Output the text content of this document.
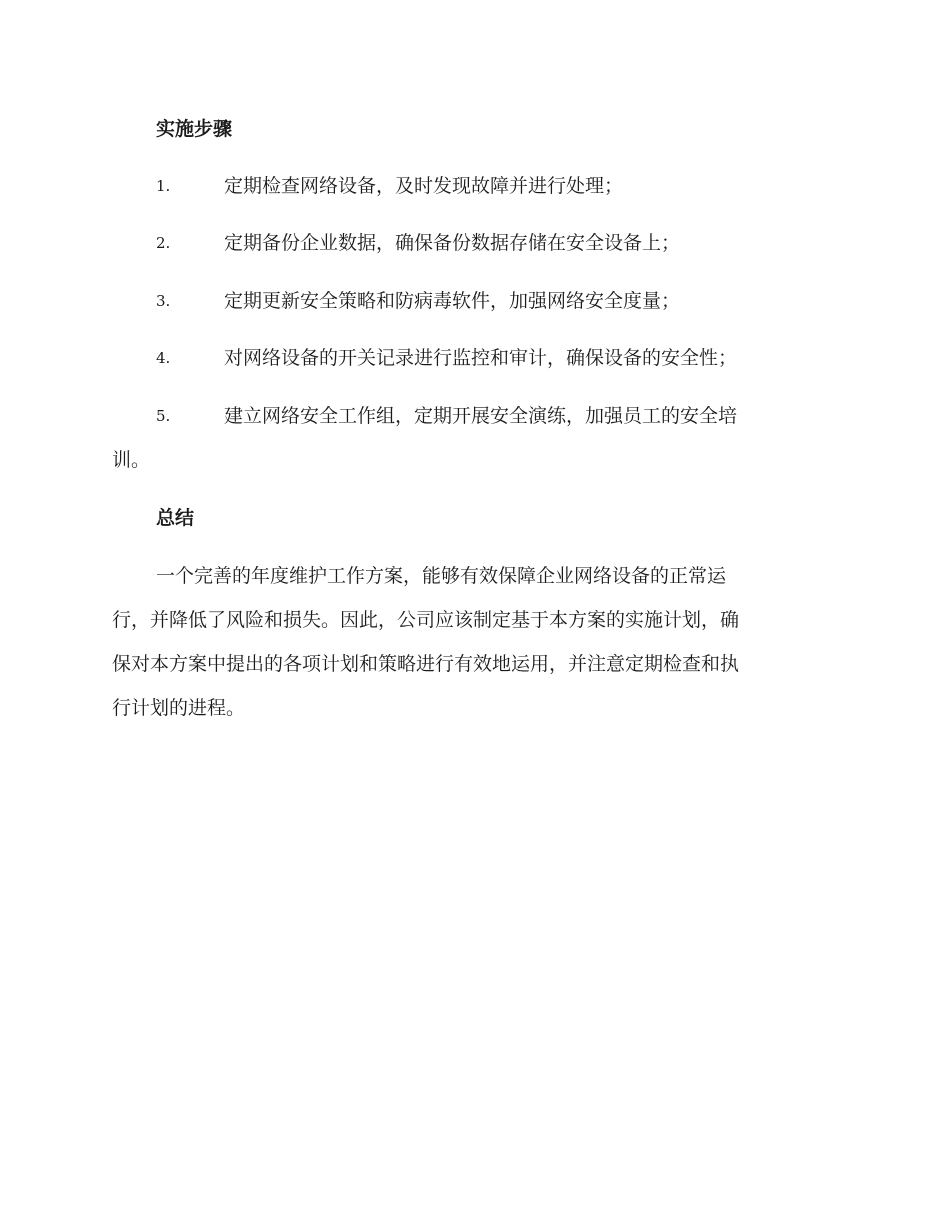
实施步骤
1.	定期检查网络设备，及时发现故障并进行处理；
2.	定期备份企业数据，确保备份数据存储在安全设备上；
3.	定期更新安全策略和防病毒软件，加强网络安全度量；
4.	对网络设备的开关记录进行监控和审计，确保设备的安全性；
5.	建立网络安全工作组，定期开展安全演练，加强员工的安全培
训。
总结
一个完善的年度维护工作方案，能够有效保障企业网络设备的正常运
行，并降低了风险和损失。因此，公司应该制定基于本方案的实施计划，确
保对本方案中提出的各项计划和策略进行有效地运用，并注意定期检查和执
行计划的进程。
